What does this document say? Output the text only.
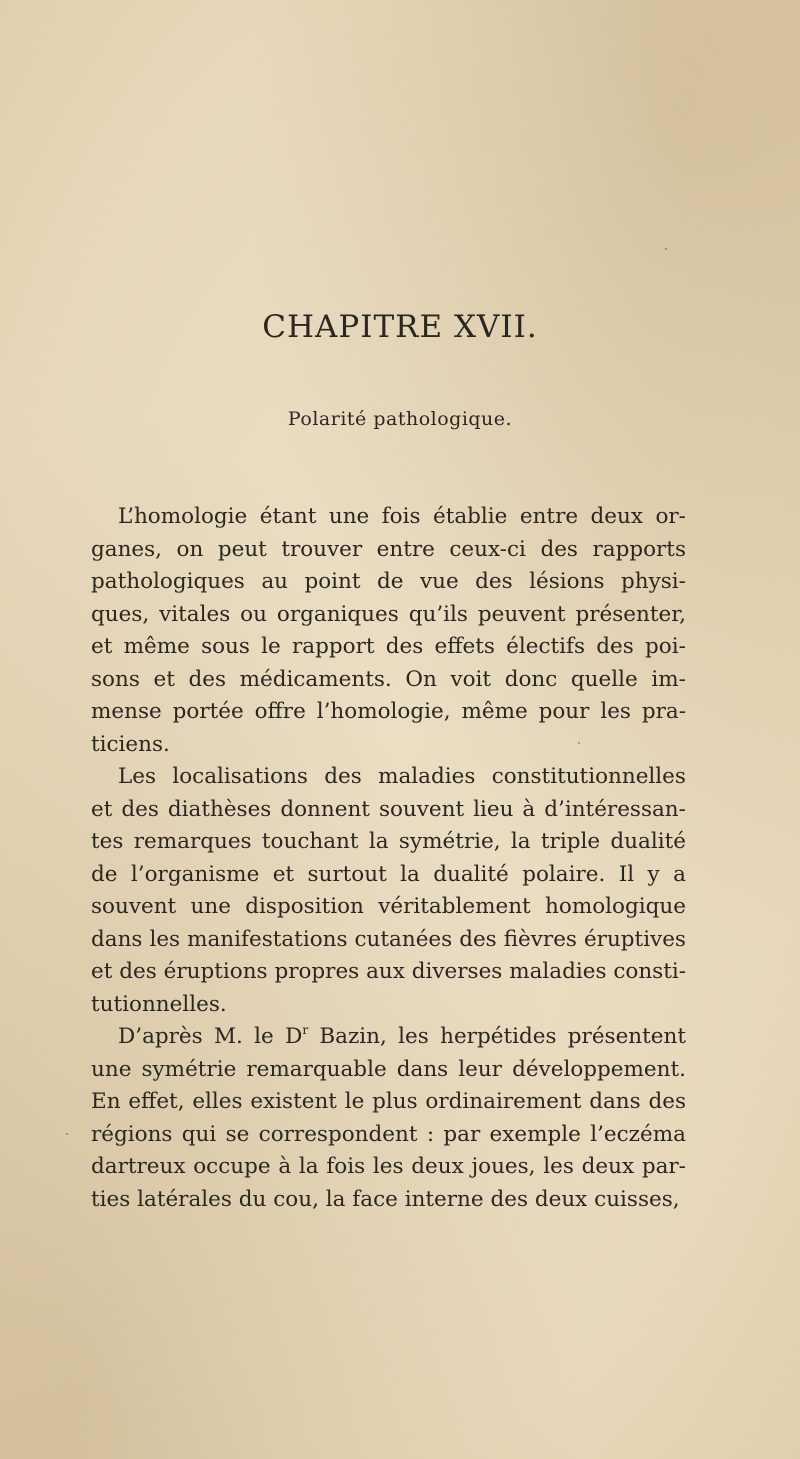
CHAPITRE XVII.
Polarité pathologique.
L’homologie étant une fois établie entre deux or-
ganes, on peut trouver entre ceux-ci des rapports
pathologiques au point de vue des lésions physi-
ques, vitales ou organiques qu’ils peuvent présenter,
et même sous le rapport des effets électifs des poi-
sons et des médicaments. On voit donc quelle im-
mense portée offre l’homologie, même pour les pra-
ticiens.
Les localisations des maladies constitutionnelles
et des diathèses donnent souvent lieu à d’intéressan-
tes remarques touchant la symétrie, la triple dualité
de l’organisme et surtout la dualité polaire. Il y a
souvent une disposition véritablement homologique
dans les manifestations cutanées des fièvres éruptives
et des éruptions propres aux diverses maladies consti-
tutionnelles.
D’après M. le $D^r$ Bazin, les herpétides présentent
une symétrie remarquable dans leur développement.
En effet, elles existent le plus ordinairement dans des
régions qui se correspondent : par exemple l’eczéma
dartreux occupe à la fois les deux joues, les deux par-
ties
latérales
du
cou,
la
face
interne
des
deux
cuisses,
